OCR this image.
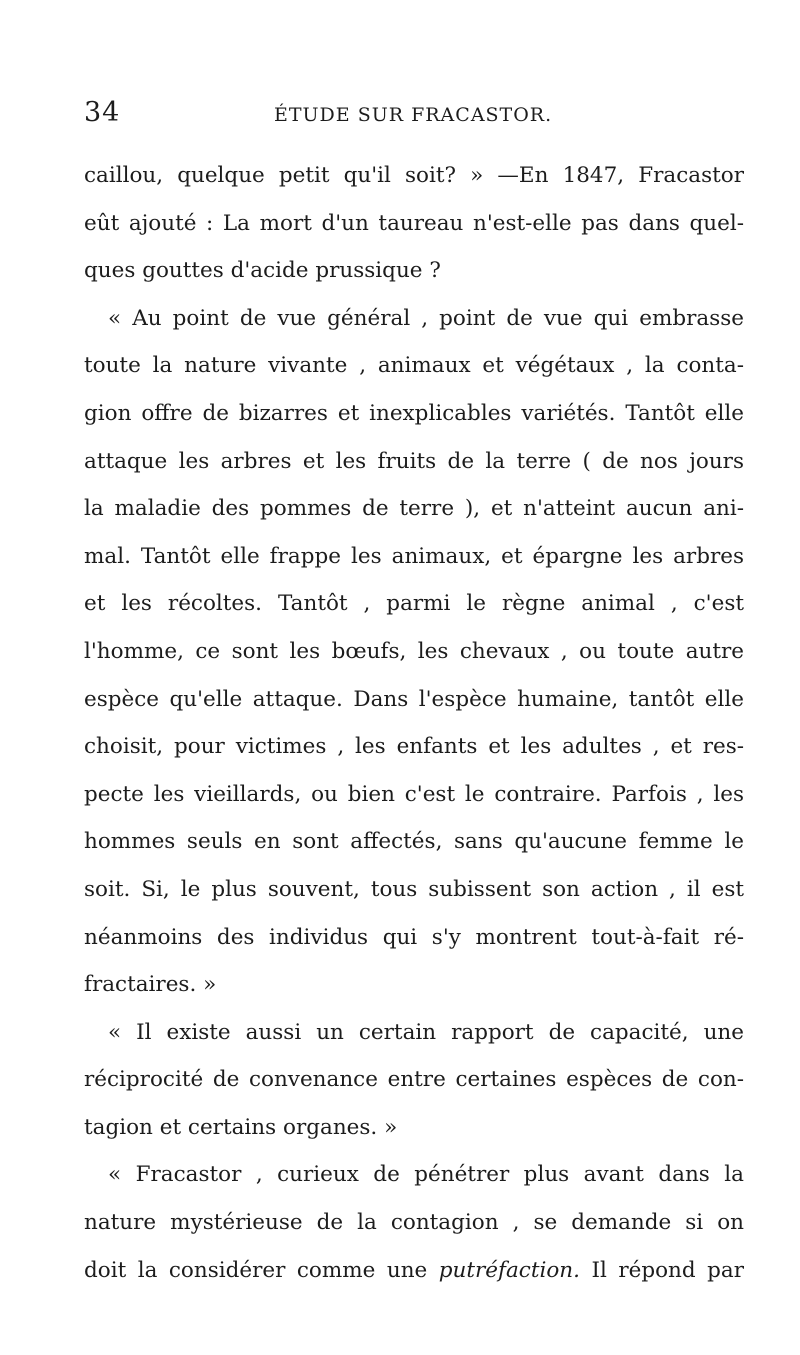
34	ÉTUDE SUR FRACASTOR.
caillou, quelque petit qu'il soit? » —En 1847, Fracastor
eût ajouté : La mort d'un taureau n'est-elle pas dans quel-
ques gouttes d'acide prussique ?
« Au point de vue général , point de vue qui embrasse
toute la nature vivante , animaux et végétaux , la conta-
gion offre de bizarres et inexplicables variétés. Tantôt elle
attaque les arbres et les fruits de la terre ( de nos jours
la maladie des pommes de terre ), et n'atteint aucun ani-
mal. Tantôt elle frappe les animaux, et épargne les arbres
et les récoltes. Tantôt , parmi le règne animal , c'est
l'homme, ce sont les bœufs, les chevaux , ou toute autre
espèce qu'elle attaque. Dans l'espèce humaine, tantôt elle
choisit, pour victimes , les enfants et les adultes , et res-
pecte les vieillards, ou bien c'est le contraire. Parfois , les
hommes seuls en sont affectés, sans qu'aucune femme le
soit. Si, le plus souvent, tous subissent son action , il est
néanmoins des individus qui s'y montrent tout-à-fait ré-
fractaires. »
« Il existe aussi un certain rapport de capacité, une
réciprocité de convenance entre certaines espèces de con-
tagion et certains organes. »
« Fracastor , curieux de pénétrer plus avant dans la
nature mystérieuse de la contagion , se demande si on
doit la considérer comme une putréfaction. Il répond par
